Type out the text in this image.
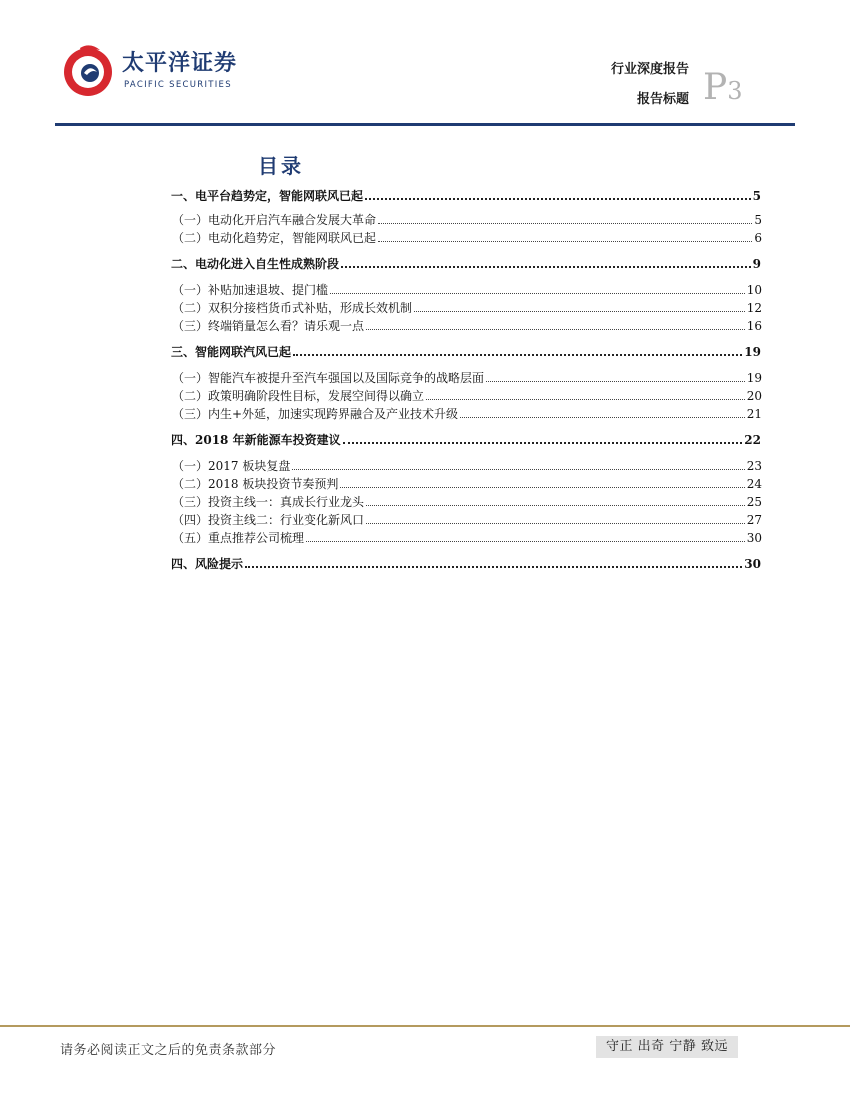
太平洋证券
PACIFIC SECURITIES
行业深度报告
报告标题 P3
目录
一、电平台趋势定，智能网联风已起	5
（一）电动化开启汽车融合发展大革命	5
（二）电动化趋势定，智能网联风已起	6
二、电动化进入自生性成熟阶段	9
（一）补贴加速退坡、提门槛	10
（二）双积分接档货币式补贴，形成长效机制	12
（三）终端销量怎么看？请乐观一点	16
三、智能网联汽风已起	19
（一）智能汽车被提升至汽车强国以及国际竞争的战略层面	19
（二）政策明确阶段性目标，发展空间得以确立	20
（三）内生+外延，加速实现跨界融合及产业技术升级	21
四、2018 年新能源车投资建议	22
（一）2017 板块复盘	23
（二）2018 板块投资节奏预判	24
（三）投资主线一：真成长行业龙头	25
（四）投资主线二：行业变化新风口	27
（五）重点推荐公司梳理	30
四、风险提示	30
请务必阅读正文之后的免责条款部分	守正 出奇 宁静 致远
